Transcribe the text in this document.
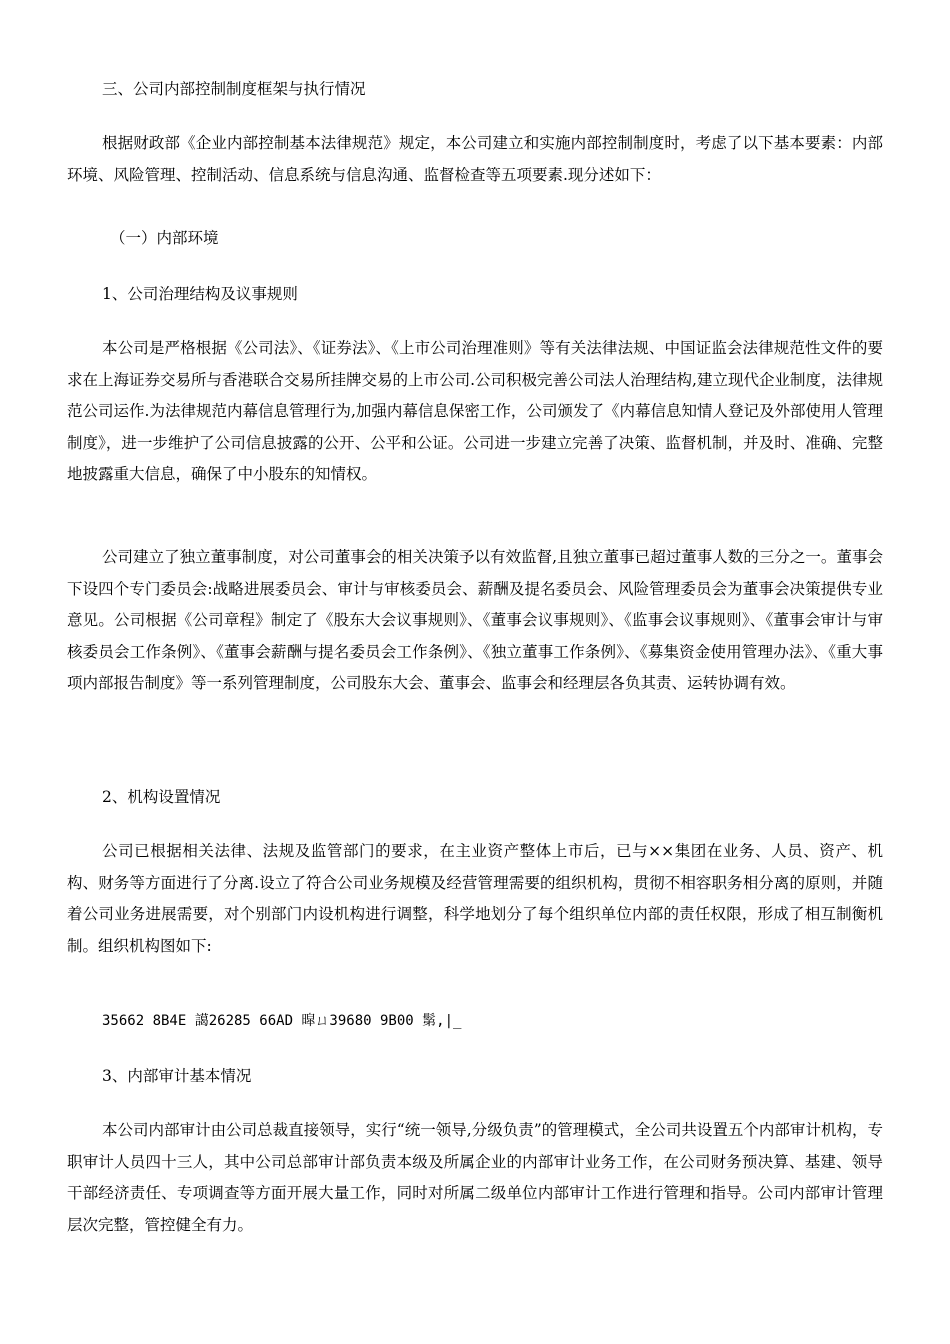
三、公司内部控制制度框架与执行情况
根据财政部《企业内部控制基本法律规范》规定，本公司建立和实施内部控制制度时，考虑了以下基本要素：内部环境、风险管理、控制活动、信息系统与信息沟通、监督检查等五项要素.现分述如下：
（一）内部环境
1、公司治理结构及议事规则
本公司是严格根据《公司法》、《证券法》、《上市公司治理准则》等有关法律法规、中国证监会法律规范性文件的要求在上海证券交易所与香港联合交易所挂牌交易的上市公司.公司积极完善公司法人治理结构,建立现代企业制度，法律规范公司运作.为法律规范内幕信息管理行为,加强内幕信息保密工作，公司颁发了《内幕信息知情人登记及外部使用人管理制度》，进一步维护了公司信息披露的公开、公平和公证。公司进一步建立完善了决策、监督机制，并及时、准确、完整地披露重大信息，确保了中小股东的知情权。
公司建立了独立董事制度，对公司董事会的相关决策予以有效监督,且独立董事已超过董事人数的三分之一。董事会下设四个专门委员会:战略进展委员会、审计与审核委员会、薪酬及提名委员会、风险管理委员会为董事会决策提供专业意见。公司根据《公司章程》制定了《股东大会议事规则》、《董事会议事规则》、《监事会议事规则》、《董事会审计与审核委员会工作条例》、《董事会薪酬与提名委员会工作条例》、《独立董事工作条例》、《募集资金使用管理办法》、《重大事项内部报告制度》等一系列管理制度，公司股东大会、董事会、监事会和经理层各负其责、运转协调有效。
2、机构设置情况
公司已根据相关法律、法规及监管部门的要求，在主业资产整体上市后，已与××集团在业务、人员、资产、机构、财务等方面进行了分离.设立了符合公司业务规模及经营管理需要的组织机构，贯彻不相容职务相分离的原则，并随着公司业务进展需要，对个别部门内设机构进行调整，科学地划分了每个组织单位内部的责任权限，形成了相互制衡机制。组织机构图如下:
35662 8B4E 譪26285 66AD 暭ㄩ39680 9B00 鬀,|_
3、内部审计基本情况
本公司内部审计由公司总裁直接领导，实行“统一领导,分级负责”的管理模式，全公司共设置五个内部审计机构，专职审计人员四十三人，其中公司总部审计部负责本级及所属企业的内部审计业务工作，在公司财务预决算、基建、领导干部经济责任、专项调查等方面开展大量工作，同时对所属二级单位内部审计工作进行管理和指导。公司内部审计管理层次完整，管控健全有力。
